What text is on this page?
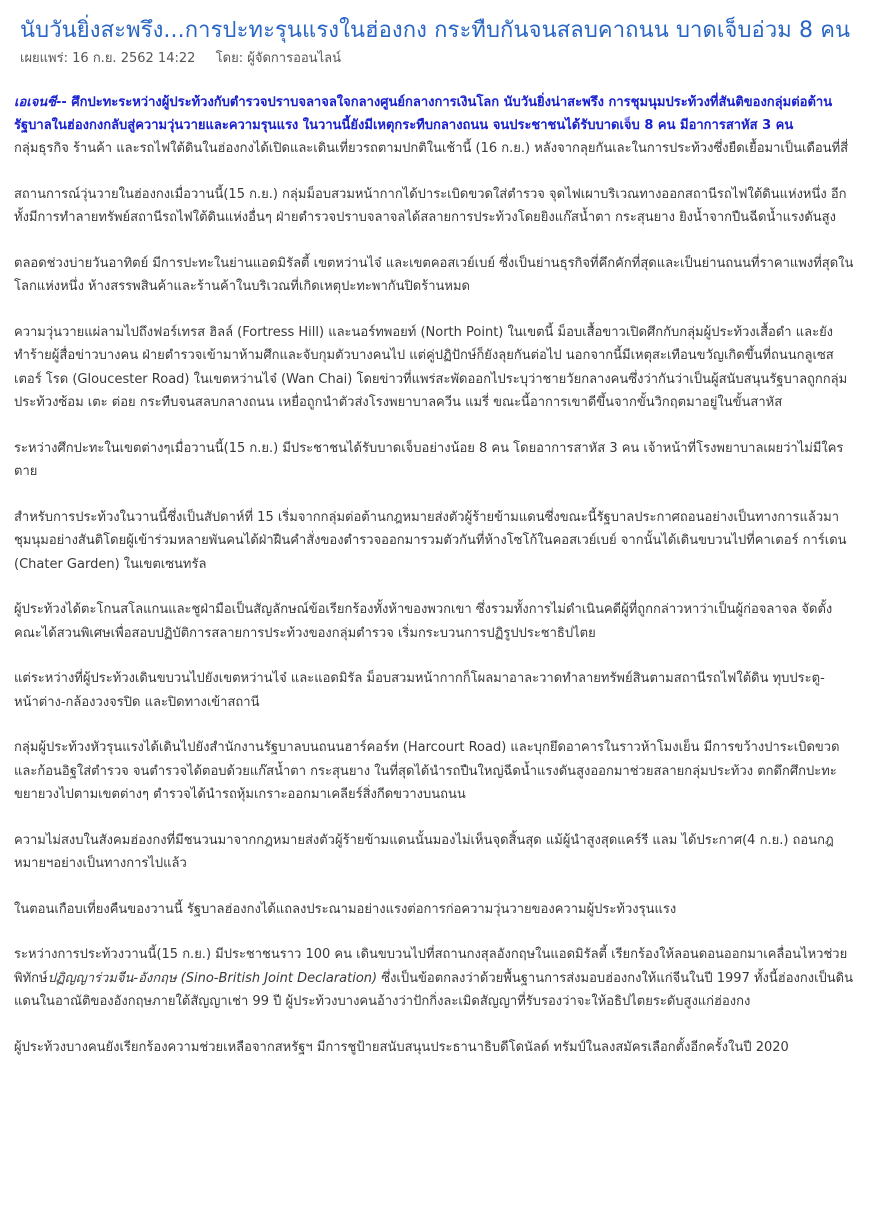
นับวันยิ่งสะพรึง...การปะทะรุนแรงในฮ่องกง กระทืบกันจนสลบคาถนน บาดเจ็บอ่วม 8 คน
เผยแพร่: 16 ก.ย. 2562 14:22 โดย: ผู้จัดการออนไลน์

เอเจนซี-- ศึกปะทะระหว่างผู้ประท้วงกับตำรวจปราบจลาจลใจกลางศูนย์กลางการเงินโลก นับวันยิ่งน่าสะพรึง การชุมนุมประท้วงที่สันติของกลุ่มต่อต้านรัฐบาลในฮ่องกงกลับสู่ความวุ่นวายและความรุนแรง ในวานนี้ยังมีเหตุกระทืบกลางถนน จนประชาชนได้รับบาดเจ็บ 8 คน มีอาการสาหัส 3 คน

กลุ่มธุรกิจ ร้านค้า และรถไฟใต้ดินในฮ่องกงได้เปิดและเดินเที่ยวรถตามปกติในเช้านี้ (16 ก.ย.) หลังจากลุยกันเละในการประท้วงซึ่งยืดเยื้อมาเป็นเดือนที่สี่

สถานการณ์วุ่นวายในฮ่องกงเมื่อวานนี้(15 ก.ย.) กลุ่มม็อบสวมหน้ากากได้ปาระเบิดขวดใส่ตำรวจ จุดไฟเผาบริเวณทางออกสถานีรถไฟใต้ดินแห่งหนึ่ง อีกทั้งมีการทำลายทรัพย์สถานีรถไฟใต้ดินแห่งอื่นๆ ฝ่ายตำรวจปราบจลาจลได้สลายการประท้วงโดยยิงแก๊สน้ำตา กระสุนยาง ยิงน้ำจากปืนฉีดน้ำแรงดันสูง

ตลอดช่วงบ่ายวันอาทิตย์ มีการปะทะในย่านแอดมิรัลตี้ เขตหว่านไจ๋ และเขตคอสเวย์เบย์ ซึ่งเป็นย่านธุรกิจที่คึกคักที่สุดและเป็นย่านถนนที่ราคาแพงที่สุดในโลกแห่งหนึ่ง ห้างสรรพสินค้าและร้านค้าในบริเวณที่เกิดเหตุปะทะพากันปิดร้านหมด

ความวุ่นวายแผ่ลามไปถึงฟอร์เทรส ฮิลล์ (Fortress Hill) และนอร์ทพอยท์ (North Point) ในเขตนี้ ม็อบเสื้อขาวเปิดศึกกับกลุ่มผู้ประท้วงเสื้อดำ และยังทำร้ายผู้สื่อข่าวบางคน ฝ่ายตำรวจเข้ามาห้ามศึกและจับกุมตัวบางคนไป แต่คู่ปฏิปักษ์ก็ยังลุยกันต่อไป นอกจากนี้มีเหตุสะเทือนขวัญเกิดขึ้นที่ถนนกลูเซสเตอร์ โรด (Gloucester Road) ในเขตหว่านไจ๋ (Wan Chai) โดยข่าวที่แพร่สะพัดออกไประบุว่าชายวัยกลางคนซึ่งว่ากันว่าเป็นผู้สนับสนุนรัฐบาลถูกกลุ่มประท้วงซ้อม เตะ ต่อย กระทืบจนสลบกลางถนน เหยื่อถูกนำตัวส่งโรงพยาบาลควีน แมรี่ ขณะนี้อาการเขาดีขึ้นจากขั้นวิกฤตมาอยู่ในขั้นสาหัส

ระหว่างศึกปะทะในเขตต่างๆเมื่อวานนี้(15 ก.ย.) มีประชาชนได้รับบาดเจ็บอย่างน้อย 8 คน โดยอาการสาหัส 3 คน เจ้าหน้าที่โรงพยาบาลเผยว่าไม่มีใครตาย

สำหรับการประท้วงในวานนี้ซึ่งเป็นสัปดาห์ที่ 15 เริ่มจากกลุ่มต่อต้านกฎหมายส่งตัวผู้ร้ายข้ามแดนซึ่งขณะนี้รัฐบาลประกาศถอนอย่างเป็นทางการแล้วมาชุมนุมอย่างสันติโดยผู้เข้าร่วมหลายพันคนได้ฝ่าฝืนคำสั่งของตำรวจออกมารวมตัวกันที่ห้างโซโก้ในคอสเวย์เบย์ จากนั้นได้เดินขบวนไปที่คาเตอร์ การ์เดน (Chater Garden) ในเขตเซนทรัล

ผู้ประท้วงได้ตะโกนสโลแกนและชูฝ่ามือเป็นสัญลักษณ์ข้อเรียกร้องทั้งห้าของพวกเขา ซึ่งรวมทั้งการไม่ดำเนินคดีผู้ที่ถูกกล่าวหาว่าเป็นผู้ก่อจลาจล จัดตั้งคณะได้สวนพิเศษเพื่อสอบปฏิบัติการสลายการประท้วงของกลุ่มตำรวจ เริ่มกระบวนการปฏิรูปประชาธิปไตย

แต่ระหว่างที่ผู้ประท้วงเดินขบวนไปยังเขตหว่านไจ๋ และแอดมิรัล ม็อบสวมหน้ากากก็โผลมาอาละวาดทำลายทรัพย์สินตามสถานีรถไฟใต้ดิน ทุบประตู-หน้าต่าง-กล้องวงจรปิด และปิดทางเข้าสถานี

กลุ่มผู้ประท้วงหัวรุนแรงได้เดินไปยังสำนักงานรัฐบาลบนถนนฮาร์คอร์ท (Harcourt Road) และบุกยึดอาคารในราวห้าโมงเย็น มีการขว้างปาระเบิดขวด และก้อนอิฐใส่ตำรวจ จนตำรวจได้ตอบด้วยแก๊สน้ำตา กระสุนยาง ในที่สุดได้นำรถปืนใหญ่ฉีดน้ำแรงดันสูงออกมาช่วยสลายกลุ่มประท้วง ตกดึกศึกปะทะขยายวงไปตามเขตต่างๆ ตำรวจได้นำรถหุ้มเกราะออกมาเคลียร์สิ่งกีดขวางบนถนน

ความไม่สงบในสังคมฮ่องกงที่มีชนวนมาจากกฎหมายส่งตัวผู้ร้ายข้ามแดนนั้นมองไม่เห็นจุดสิ้นสุด แม้ผู้นำสูงสุดแคร์รี แลม ได้ประกาศ(4 ก.ย.) ถอนกฎหมายฯอย่างเป็นทางการไปแล้ว

ในตอนเกือบเที่ยงคืนของวานนี้ รัฐบาลฮ่องกงได้แถลงประณามอย่างแรงต่อการก่อความวุ่นวายของความผู้ประท้วงรุนแรง

ระหว่างการประท้วงวานนี้(15 ก.ย.) มีประชาชนราว 100 คน เดินขบวนไปที่สถานกงสุลอังกฤษในแอดมิรัลตี้ เรียกร้องให้ลอนดอนออกมาเคลื่อนไหวช่วยพิทักษ์ปฏิญญาร่วมจีน-อังกฤษ (Sino-British Joint Declaration) ซึ่งเป็นข้อตกลงว่าด้วยพื้นฐานการส่งมอบฮ่องกงให้แก่จีนในปี 1997 ทั้งนี้ฮ่องกงเป็นดินแดนในอาณัติของอังกฤษภายใต้สัญญาเช่า 99 ปี ผู้ประท้วงบางคนอ้างว่าปักกิ่งละเมิดสัญญาที่รับรองว่าจะให้อธิปไตยระดับสูงแก่ฮ่องกง

ผู้ประท้วงบางคนยังเรียกร้องความช่วยเหลือจากสหรัฐฯ มีการชูป้ายสนับสนุนประธานาธิบดีโดนัลด์ ทรัมป์ในลงสมัครเลือกตั้งอีกครั้งในปี 2020
